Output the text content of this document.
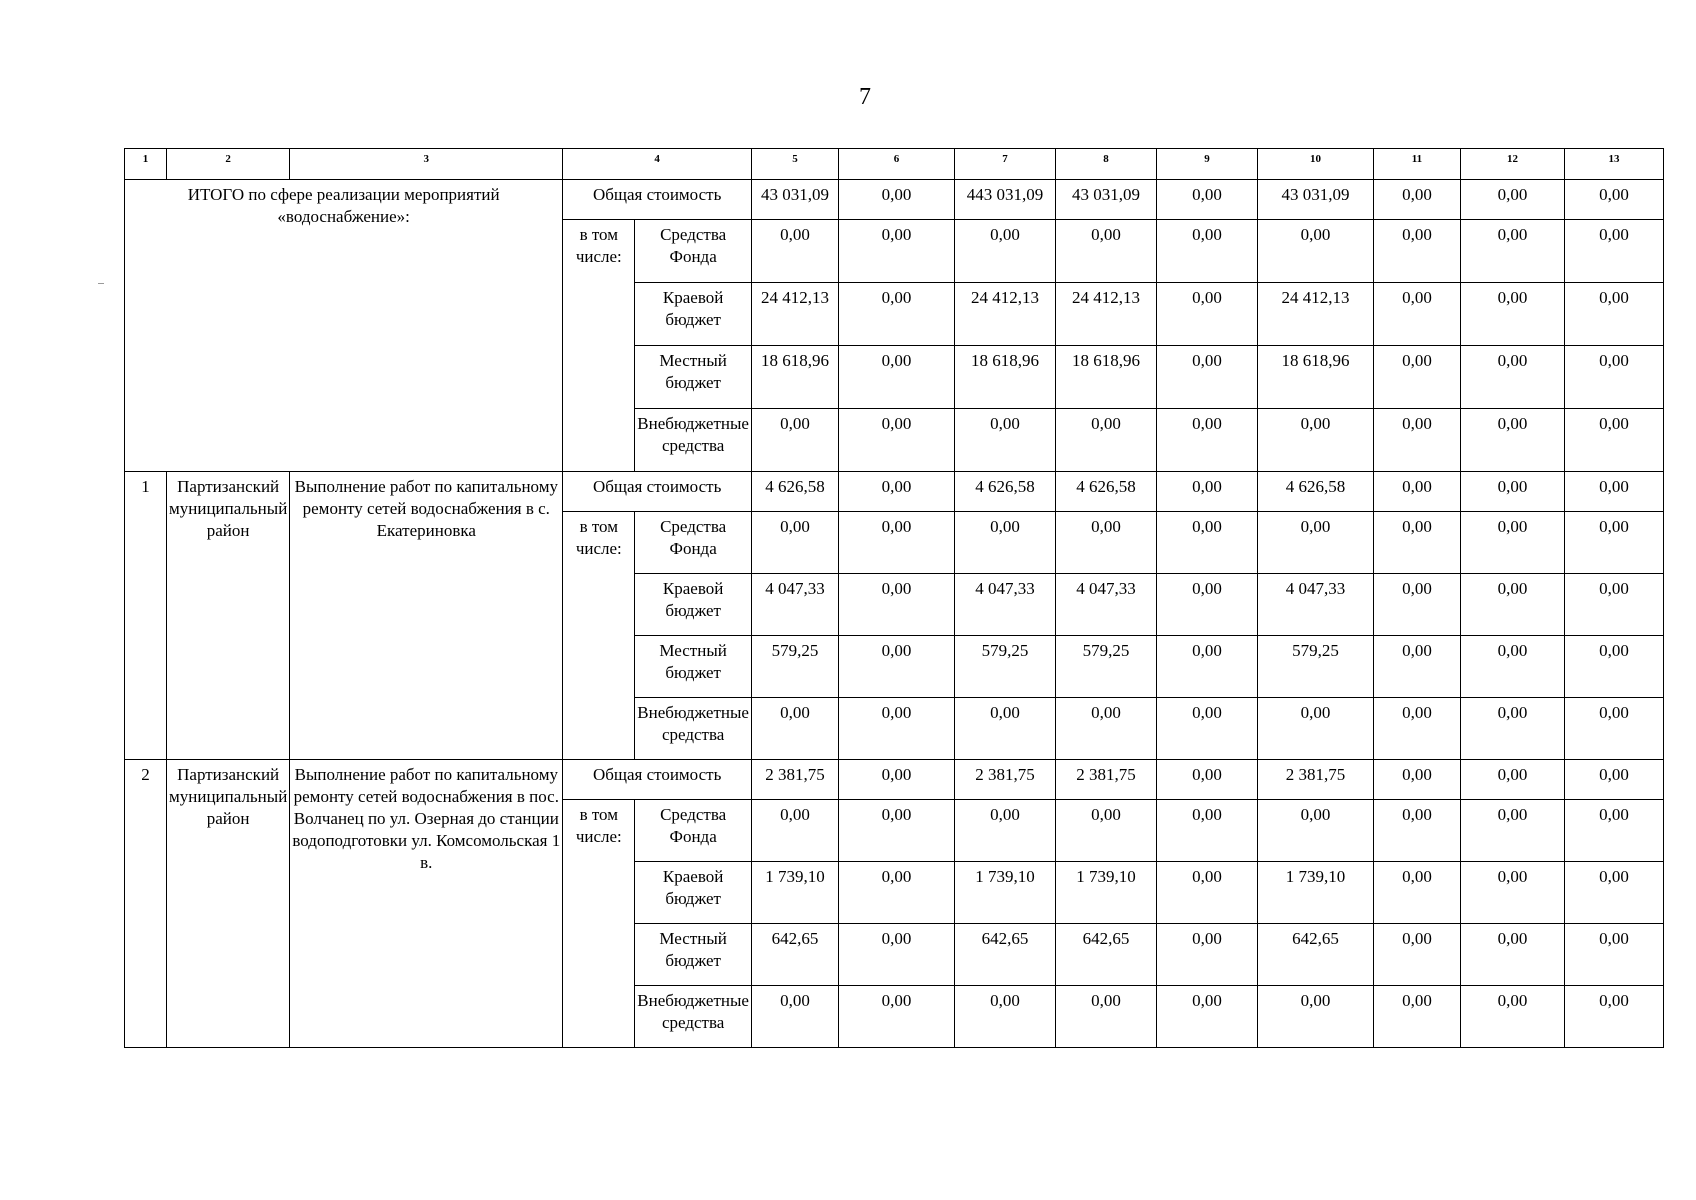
7
1	2	3	4		5	6	7	8	9	10	11	12	13
ИТОГО по сфере реализации мероприятий «водоснабжение»:			Общая стоимость		43 031,09	0,00	443 031,09	43 031,09	0,00	43 031,09	0,00	0,00	0,00
			в том числе:	Средства Фонда	0,00	0,00	0,00	0,00	0,00	0,00	0,00	0,00	0,00
				Краевой бюджет	24 412,13	0,00	24 412,13	24 412,13	0,00	24 412,13	0,00	0,00	0,00
				Местный бюджет	18 618,96	0,00	18 618,96	18 618,96	0,00	18 618,96	0,00	0,00	0,00
				Внебюджетные средства	0,00	0,00	0,00	0,00	0,00	0,00	0,00	0,00	0,00
1	Партизанский муниципальный район	Выполнение работ по капитальному ремонту сетей водоснабжения в с. Екатериновка	Общая стоимость		4 626,58	0,00	4 626,58	4 626,58	0,00	4 626,58	0,00	0,00	0,00
			в том числе:	Средства Фонда	0,00	0,00	0,00	0,00	0,00	0,00	0,00	0,00	0,00
				Краевой бюджет	4 047,33	0,00	4 047,33	4 047,33	0,00	4 047,33	0,00	0,00	0,00
				Местный бюджет	579,25	0,00	579,25	579,25	0,00	579,25	0,00	0,00	0,00
				Внебюджетные средства	0,00	0,00	0,00	0,00	0,00	0,00	0,00	0,00	0,00
2	Партизанский муниципальный район	Выполнение работ по капитальному ремонту сетей водоснабжения в пос. Волчанец по ул. Озерная до станции водоподготовки ул. Комсомольская 1 в.	Общая стоимость		2 381,75	0,00	2 381,75	2 381,75	0,00	2 381,75	0,00	0,00	0,00
			в том числе:	Средства Фонда	0,00	0,00	0,00	0,00	0,00	0,00	0,00	0,00	0,00
				Краевой бюджет	1 739,10	0,00	1 739,10	1 739,10	0,00	1 739,10	0,00	0,00	0,00
				Местный бюджет	642,65	0,00	642,65	642,65	0,00	642,65	0,00	0,00	0,00
				Внебюджетные средства	0,00	0,00	0,00	0,00	0,00	0,00	0,00	0,00	0,00
